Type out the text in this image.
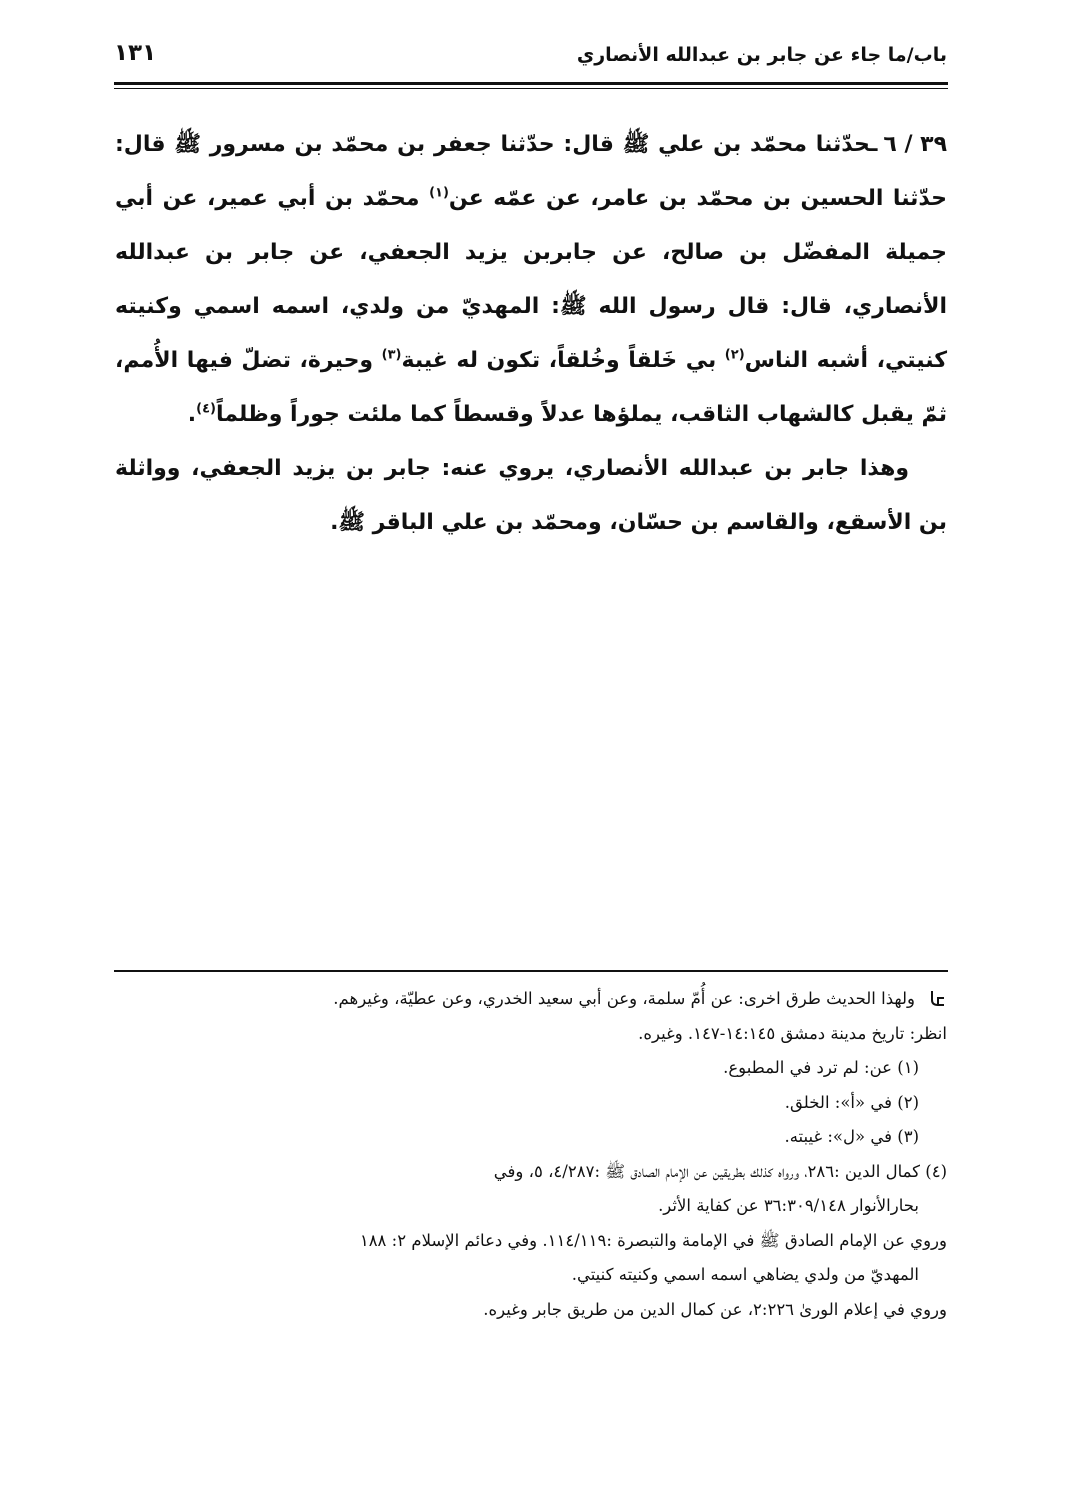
باب/ما جاء عن جابر بن عبدالله الأنصاري
١٣١

٣٩ / ٦ـحدّثنا محمّد بن علي ﷺ قال: حدّثنا جعفر بن محمّد بن مسرور ﷺ قال: حدّثنا الحسين بن محمّد بن عامر، عن عمّه عن$^{(١)}$ محمّد بن أبي عمير، عن أبي جميلة المفضّل بن صالح، عن جابربن يزيد الجعفي، عن جابر بن عبدالله الأنصاري، قال: قال رسول الله ﷺ: المهديّ من ولدي، اسمه اسمي وكنيته كنيتي، أشبه الناس$^{(٢)}$ بي خَلقاً وخُلقاً، تكون له غيبة$^{(٣)}$ وحيرة، تضلّ فيها الأُمم، ثمّ يقبل كالشهاب الثاقب، يملؤها عدلاً وقسطاً كما ملئت جوراً وظلماً$^{(٤)}$.

وهذا جابر بن عبدالله الأنصاري، يروي عنه: جابر بن يزيد الجعفي، وواثلة بن الأسقع، والقاسم بن حسّان، ومحمّد بن علي الباقر ﷺ.

ولهذا الحديث طرق اخرى: عن أُمّ سلمة، وعن أبي سعيد الخدري، وعن عطيّة، وغيرهم.

انظر: تاريخ مدينة دمشق ١٤:١٤٥-١٤٧. وغيره.

(١) عن: لم ترد في المطبوع.

(٢) في «أ»: الخلق.

(٣) في «ل»: غيبته.

(٤) كمال الدين :٢٨٦، ورواه كذلك بطريقين عن الإمام الصادق ﷺ :٤/٢٨٧، ٥، وفي

بحارالأنوار ٣٦:٣٠٩/١٤٨ عن كفاية الأثر.

وروي عن الإمام الصادق ﷺ في الإمامة والتبصرة :١١٤/١١٩. وفي دعائم الإسلام ٢: ١٨٨

المهديّ من ولدي يضاهي اسمه اسمي وكنيته كنيتي.

وروي في إعلام الورىٰ ٢:٢٢٦، عن كمال الدين من طريق جابر وغيره.
